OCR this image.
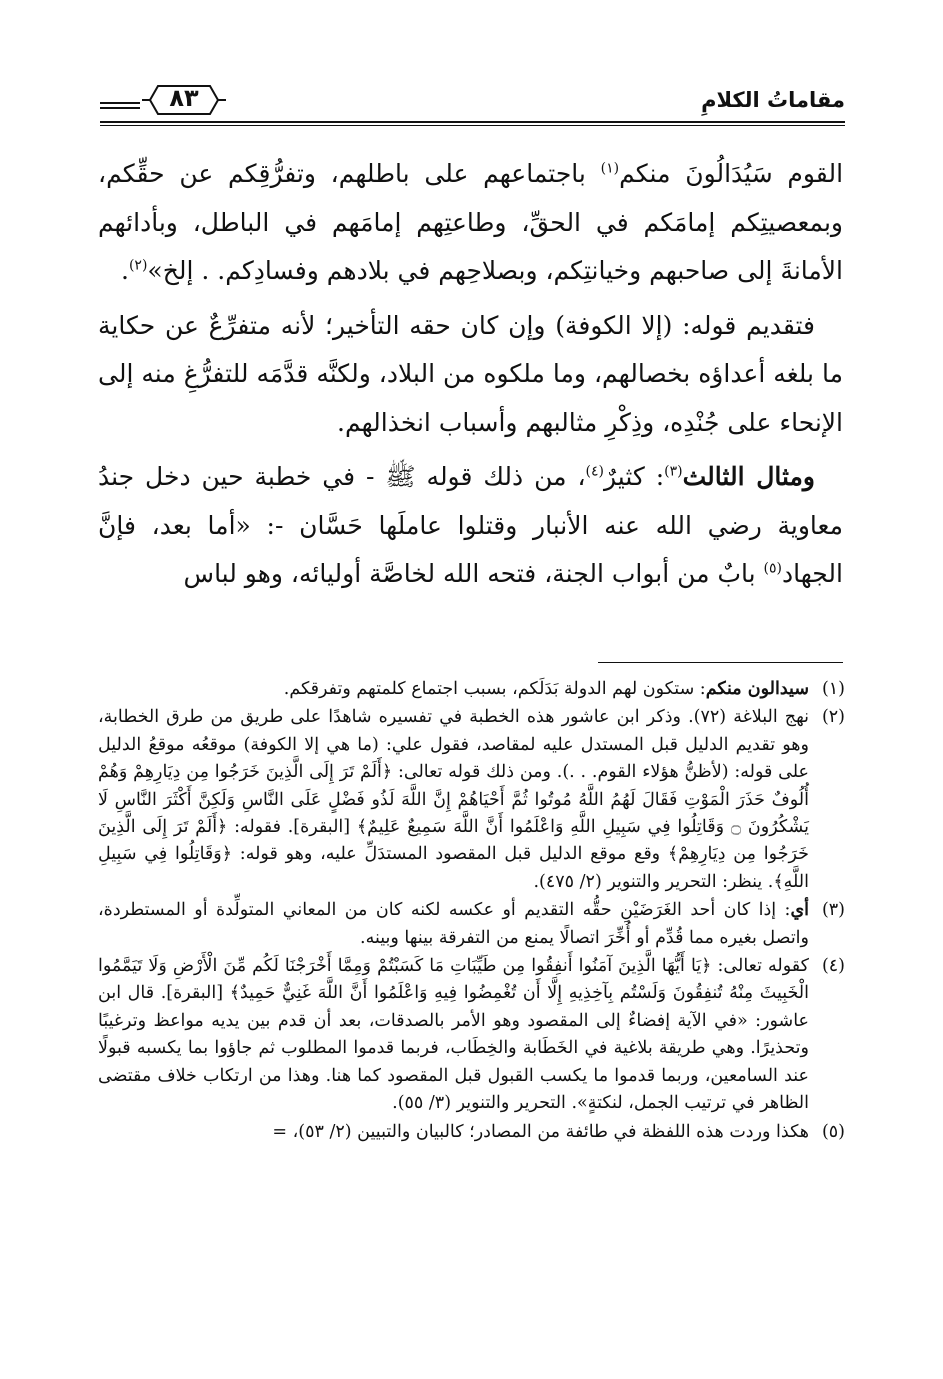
مقاماتُ الكلامِ
٨٣

القوم سَيُدَالُونَ منكم$^{(١)}$ باجتماعهم على باطلهم، وتفرُّقِكم عن حقِّكم، وبمعصيتِكم إمامَكم في الحقِّ، وطاعتِهم إمامَهم في الباطل، وبأدائهم الأمانةَ إلى صاحبهم وخيانتِكم، وبصلاحِهم في بلادهم وفسادِكم. . إلخ»$^{(٢)}$.

فتقديم قوله: (إلا الكوفة) وإن كان حقه التأخير؛ لأنه متفرِّعٌ عن حكاية ما بلغه أعداؤه بخصالهم، وما ملكوه من البلاد، ولكنَّه قدَّمَه للتفرُّغِ منه إلى الإنحاء على جُنْدِه، وذِكْرِ مثالبهم وأسباب انخذالهم.

ومثال الثالث$^{(٣)}$: كثيرٌ$^{(٤)}$، من ذلك قوله ﷺ - في خطبة حين دخل جندُ معاوية رضي الله عنه الأنبار وقتلوا عاملَها حَسَّان -: «أما بعد، فإنَّ الجهاد$^{(٥)}$ بابٌ من أبواب الجنة، فتحه الله لخاصَّة أوليائه، وهو لباس

(١)
سيدالون منكم: ستكون لهم الدولة بَدَلَكم، بسبب اجتماع كلمتهم وتفرقكم.
(٢)
نهج البلاغة (٧٢). وذكر ابن عاشور هذه الخطبة في تفسيره شاهدًا على طريق من طرق الخطابة، وهو تقديم الدليل قبل المستدل عليه لمقاصد، فقول علي: (ما هي إلا الكوفة) موقعُه موقعُ الدليل على قوله: (لأظنُّ هؤلاء القوم. . .). ومن ذلك قوله تعالى: ﴿أَلَمْ تَرَ إِلَى الَّذِينَ خَرَجُوا مِن دِيَارِهِمْ وَهُمْ أُلُوفٌ حَذَرَ الْمَوْتِ فَقَالَ لَهُمُ اللَّهُ مُوتُوا ثُمَّ أَحْيَاهُمْ إِنَّ اللَّهَ لَذُو فَضْلٍ عَلَى النَّاسِ وَلَكِنَّ أَكْثَرَ النَّاسِ لَا يَشْكُرُونَ ۝ وَقَاتِلُوا فِي سَبِيلِ اللَّهِ وَاعْلَمُوا أَنَّ اللَّهَ سَمِيعٌ عَلِيمٌ﴾ [البقرة]. فقوله: ﴿أَلَمْ تَرَ إِلَى الَّذِينَ خَرَجُوا مِن دِيَارِهِمْ﴾ وقع موقع الدليل قبل المقصود المستدَلِّ عليه، وهو قوله: ﴿وَقَاتِلُوا فِي سَبِيلِ اللَّهِ﴾. ينظر: التحرير والتنوير (٢/ ٤٧٥).
(٣)
أي: إذا كان أحد الغَرَضَيْنِ حقُّه التقديم أو عكسه لكنه كان من المعاني المتولِّدة أو المستطردة، واتصل بغيره مما قُدِّم أو أُخِّرَ اتصالًا يمنع من التفرقة بينها وبينه.
(٤)
كقوله تعالى: ﴿يَا أَيُّهَا الَّذِينَ آمَنُوا أَنفِقُوا مِن طَيِّبَاتِ مَا كَسَبْتُمْ وَمِمَّا أَخْرَجْنَا لَكُم مِّنَ الْأَرْضِ وَلَا تَيَمَّمُوا الْخَبِيثَ مِنْهُ تُنفِقُونَ وَلَسْتُم بِآخِذِيهِ إِلَّا أَن تُغْمِضُوا فِيهِ وَاعْلَمُوا أَنَّ اللَّهَ غَنِيٌّ حَمِيدٌ﴾ [البقرة]. قال ابن عاشور: «في الآية إفضاءٌ إلى المقصود وهو الأمر بالصدقات، بعد أن قدم بين يديه مواعظ وترغيبًا وتحذيرًا. وهي طريقة بلاغية في الخَطَابة والخِطَاب، فربما قدموا المطلوب ثم جاؤوا بما يكسبه قبولًا عند السامعين، وربما قدموا ما يكسب القبول قبل المقصود كما هنا. وهذا من ارتكاب خلاف مقتضى الظاهر في ترتيب الجمل، لنكتةٍ». التحرير والتنوير (٣/ ٥٥).
(٥)
هكذا وردت هذه اللفظة في طائفة من المصادر؛ كالبيان والتبيين (٢/ ٥٣)، =
